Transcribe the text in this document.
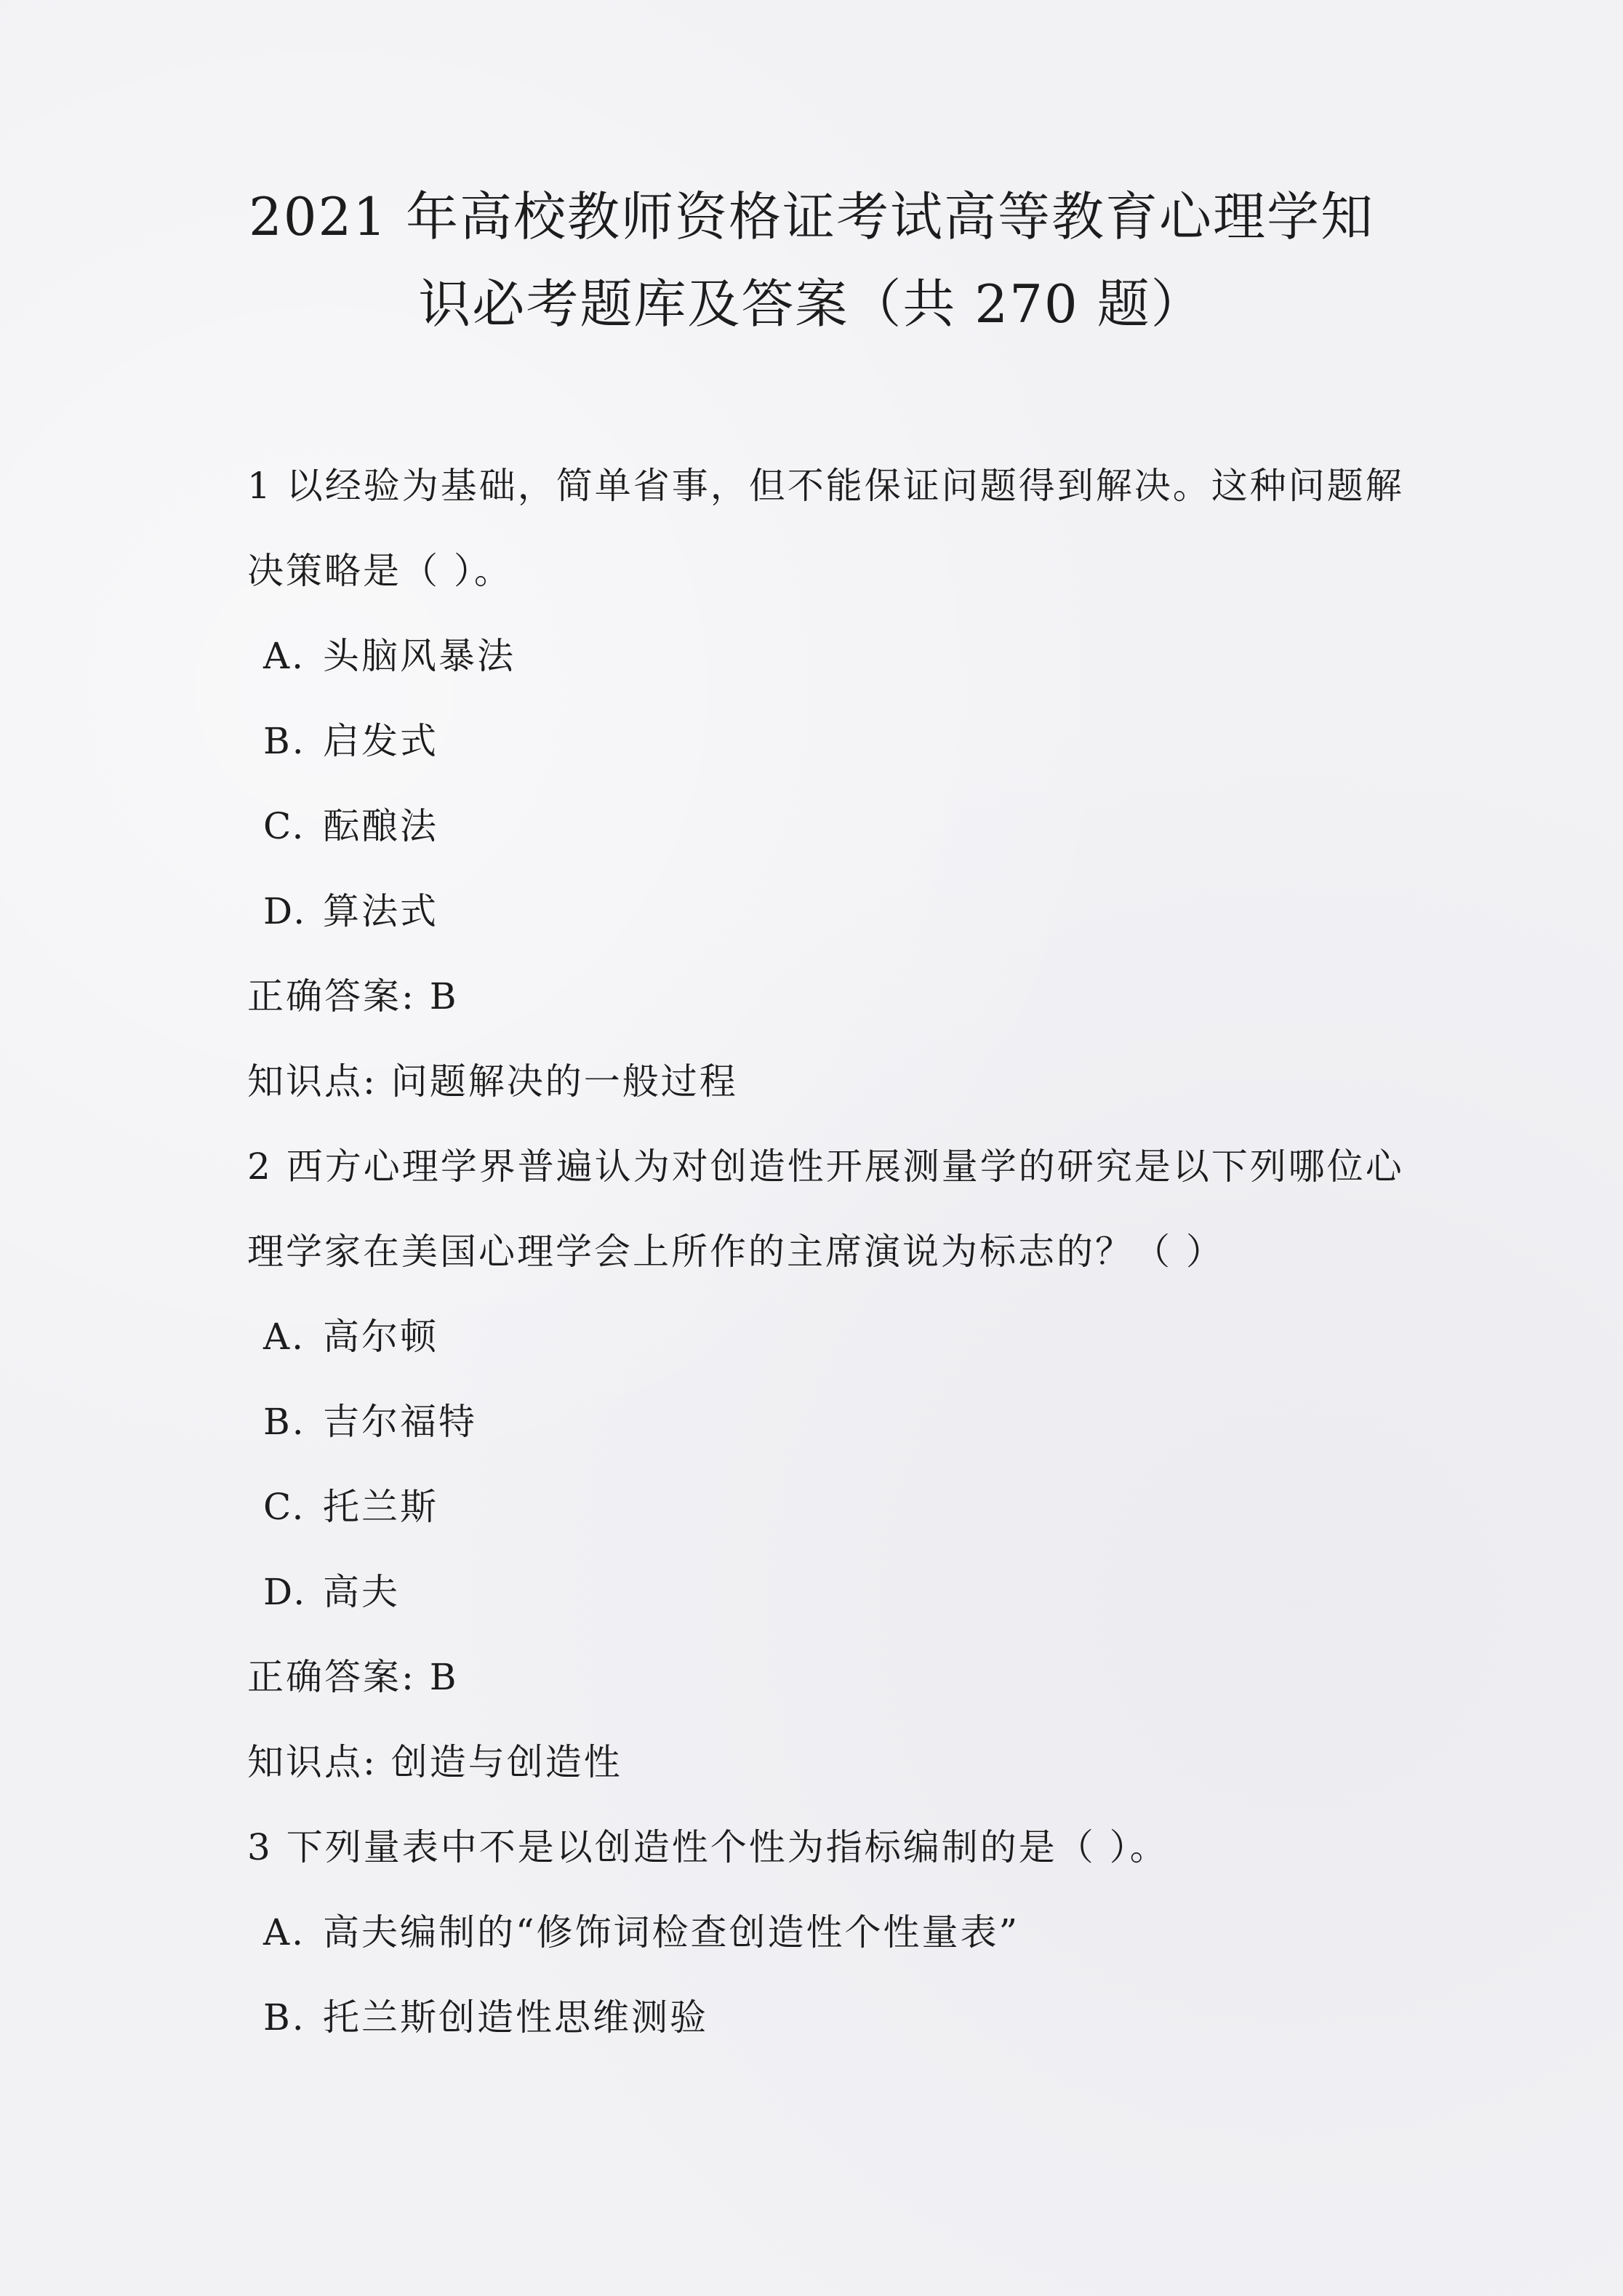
2021 年高校教师资格证考试高等教育心理学知
识必考题库及答案（共 270 题）
1 以经验为基础，简单省事，但不能保证问题得到解决。这种问题解
决策略是（ ）。
A. 头脑风暴法
B. 启发式
C. 酝酿法
D. 算法式
正确答案: B
知识点: 问题解决的一般过程
2 西方心理学界普遍认为对创造性开展测量学的研究是以下列哪位心
理学家在美国心理学会上所作的主席演说为标志的？（ ）
A. 高尔顿
B. 吉尔福特
C. 托兰斯
D. 高夫
正确答案: B
知识点: 创造与创造性
3 下列量表中不是以创造性个性为指标编制的是（ ）。
A. 高夫编制的“修饰词检查创造性个性量表”
B. 托兰斯创造性思维测验
